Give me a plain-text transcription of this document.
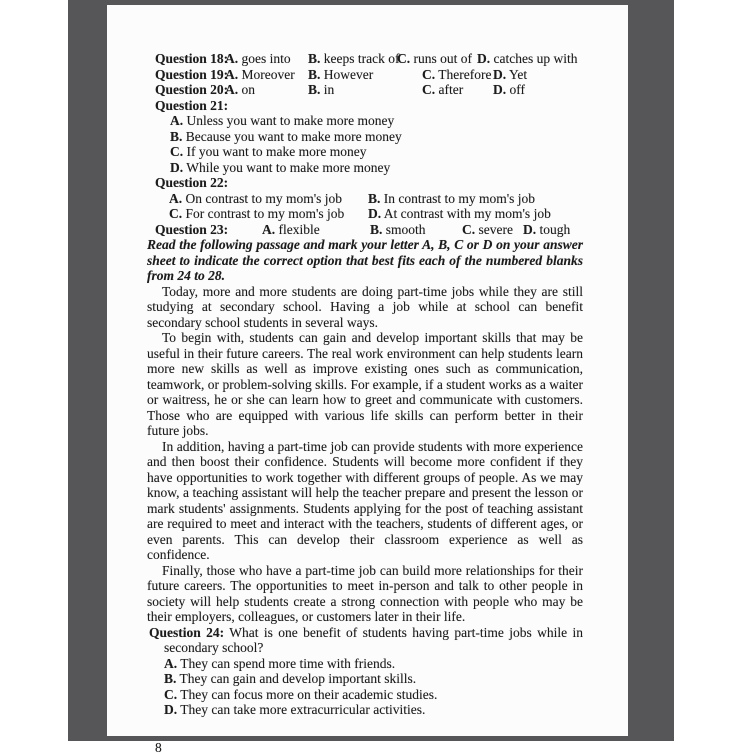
Question 18:
A. goes into B. keeps track of
C. runs out of D. catches up with
Question 19:
A. Moreover B. However	C. Therefore D. Yet
Question 20:
A. on	B. in	C. after D. off
Question 21:
A. Unless you want to make more money
B. Because you want to make more money
C. If you want to make more money
D. While you want to make more money
Question 22:
A. On contrast to my mom's job B. In contrast to my mom's job
C. For contrast to my mom's job D. At contrast with my mom's job
Question 23:	A. flexible	B. smooth	C. severe D. tough
Read the following passage and mark your letter A, B, C or D on your answer sheet to indicate the correct option that best fits each of the numbered blanks from 24 to 28.
Today, more and more students are doing part-time jobs while they are still studying at secondary school. Having a job while at school can benefit secondary school students in several ways.
To begin with, students can gain and develop important skills that may be useful in their future careers. The real work environment can help students learn more new skills as well as improve existing ones such as communication, teamwork, or problem-solving skills. For example, if a student works as a waiter or waitress, he or she can learn how to greet and communicate with customers. Those who are equipped with various life skills can perform better in their future jobs.
In addition, having a part-time job can provide students with more experience and then boost their confidence. Students will become more confident if they have opportunities to work together with different groups of people. As we may know, a teaching assistant will help the teacher prepare and present the lesson or mark students' assignments. Students applying for the post of teaching assistant are required to meet and interact with the teachers, students of different ages, or even parents. This can develop their classroom experience as well as confidence.
Finally, those who have a part-time job can build more relationships for their future careers. The opportunities to meet in-person and talk to other people in society will help students create a strong connection with people who may be their employers, colleagues, or customers later in their life.
Question 24: What is one benefit of students having part-time jobs while in secondary school?
A. They can spend more time with friends.
B. They can gain and develop important skills.
C. They can focus more on their academic studies.
D. They can take more extracurricular activities.
8
